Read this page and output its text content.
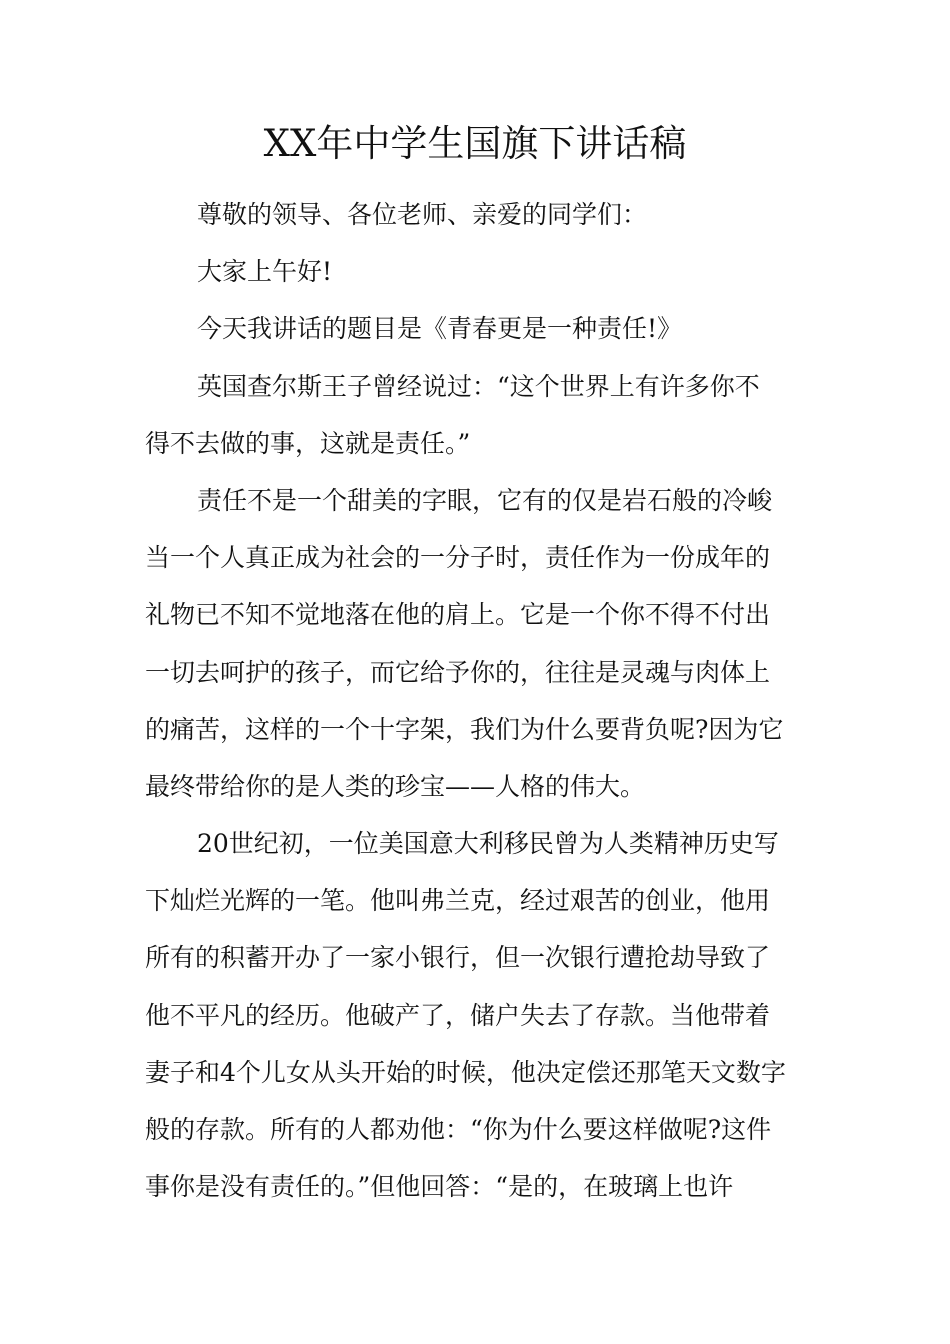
XX年中学生国旗下讲话稿
尊敬的领导、各位老师、亲爱的同学们：
大家上午好!
今天我讲话的题目是《青春更是一种责任!》
英国查尔斯王子曾经说过：“这个世界上有许多你不
得不去做的事，这就是责任。”
责任不是一个甜美的字眼，它有的仅是岩石般的冷峻
当一个人真正成为社会的一分子时，责任作为一份成年的
礼物已不知不觉地落在他的肩上。它是一个你不得不付出
一切去呵护的孩子，而它给予你的，往往是灵魂与肉体上
的痛苦，这样的一个十字架，我们为什么要背负呢?因为它
最终带给你的是人类的珍宝——人格的伟大。
20世纪初，一位美国意大利移民曾为人类精神历史写
下灿烂光辉的一笔。他叫弗兰克，经过艰苦的创业，他用
所有的积蓄开办了一家小银行，但一次银行遭抢劫导致了
他不平凡的经历。他破产了，储户失去了存款。当他带着
妻子和4个儿女从头开始的时候，他决定偿还那笔天文数字
般的存款。所有的人都劝他：“你为什么要这样做呢?这件
事你是没有责任的。”但他回答：“是的，在玻璃上也许
